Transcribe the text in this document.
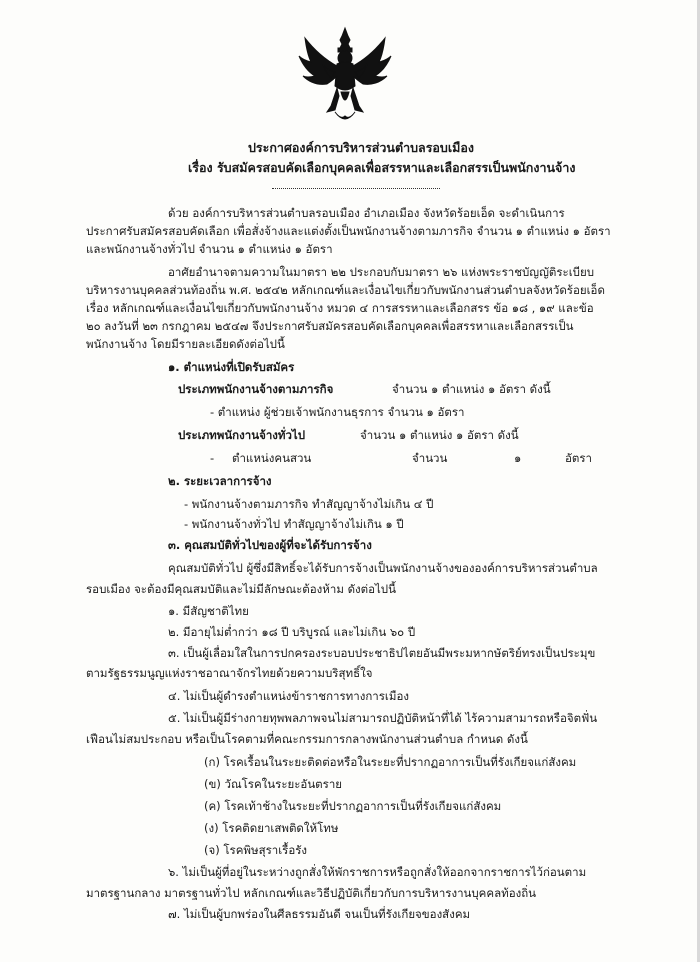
ประกาศองค์การบริหารส่วนตำบลรอบเมือง
เรื่อง รับสมัครสอบคัดเลือกบุคคลเพื่อสรรหาและเลือกสรรเป็นพนักงานจ้าง
ด้วย องค์การบริหารส่วนตำบลรอบเมือง อำเภอเมือง จังหวัดร้อยเอ็ด จะดำเนินการ
ประกาศรับสมัครสอบคัดเลือก เพื่อสั่งจ้างและแต่งตั้งเป็นพนักงานจ้างตามภารกิจ จำนวน ๑ ตำแหน่ง ๑ อัตรา
และพนักงานจ้างทั่วไป จำนวน ๑ ตำแหน่ง ๑ อัตรา
อาศัยอำนาจตามความในมาตรา ๒๒ ประกอบกับมาตรา ๒๖ แห่งพระราชบัญญัติระเบียบ
บริหารงานบุคคลส่วนท้องถิ่น พ.ศ. ๒๕๔๒ หลักเกณฑ์และเงื่อนไขเกี่ยวกับพนักงานส่วนตำบลจังหวัดร้อยเอ็ด
เรื่อง หลักเกณฑ์และเงื่อนไขเกี่ยวกับพนักงานจ้าง หมวด ๔ การสรรหาและเลือกสรร ข้อ ๑๘ , ๑๙ และข้อ
๒๐ ลงวันที่ ๒๓ กรกฎาคม ๒๕๔๗ จึงประกาศรับสมัครสอบคัดเลือกบุคคลเพื่อสรรหาและเลือกสรรเป็น
พนักงานจ้าง โดยมีรายละเอียดดังต่อไปนี้
๑. ตำแหน่งที่เปิดรับสมัคร
ประเภทพนักงานจ้างตามภารกิจ	จำนวน ๑ ตำแหน่ง ๑ อัตรา ดังนี้
- ตำแหน่ง ผู้ช่วยเจ้าพนักงานธุรการ จำนวน ๑ อัตรา
ประเภทพนักงานจ้างทั่วไป	จำนวน ๑ ตำแหน่ง ๑ อัตรา ดังนี้
- ตำแหน่งคนสวน	จำนวน	๑	อัตรา
๒. ระยะเวลาการจ้าง
- พนักงานจ้างตามภารกิจ ทำสัญญาจ้างไม่เกิน ๔ ปี
- พนักงานจ้างทั่วไป ทำสัญญาจ้างไม่เกิน ๑ ปี
๓. คุณสมบัติทั่วไปของผู้ที่จะได้รับการจ้าง
คุณสมบัติทั่วไป ผู้ซึ่งมีสิทธิ์จะได้รับการจ้างเป็นพนักงานจ้างขององค์การบริหารส่วนตำบล
รอบเมือง จะต้องมีคุณสมบัติและไม่มีลักษณะต้องห้าม ดังต่อไปนี้
๑. มีสัญชาติไทย
๒. มีอายุไม่ต่ำกว่า ๑๘ ปี บริบูรณ์ และไม่เกิน ๖๐ ปี
๓. เป็นผู้เลื่อมใสในการปกครองระบอบประชาธิปไตยอันมีพระมหากษัตริย์ทรงเป็นประมุข
ตามรัฐธรรมนูญแห่งราชอาณาจักรไทยด้วยความบริสุทธิ์ใจ
๔. ไม่เป็นผู้ดำรงตำแหน่งข้าราชการทางการเมือง
๕. ไม่เป็นผู้มีร่างกายทุพพลภาพจนไม่สามารถปฏิบัติหน้าที่ได้ ไร้ความสามารถหรือจิตฟั่น
เฟือนไม่สมประกอบ หรือเป็นโรคตามที่คณะกรรมการกลางพนักงานส่วนตำบล กำหนด ดังนี้
(ก) โรคเรื้อนในระยะติดต่อหรือในระยะที่ปรากฏอาการเป็นที่รังเกียจแก่สังคม
(ข) วัณโรคในระยะอันตราย
(ค) โรคเท้าช้างในระยะที่ปรากฏอาการเป็นที่รังเกียจแก่สังคม
(ง) โรคติดยาเสพติดให้โทษ
(จ) โรคพิษสุราเรื้อรัง
๖. ไม่เป็นผู้ที่อยู่ในระหว่างถูกสั่งให้พักราชการหรือถูกสั่งให้ออกจากราชการไว้ก่อนตาม
มาตรฐานกลาง มาตรฐานทั่วไป หลักเกณฑ์และวิธีปฏิบัติเกี่ยวกับการบริหารงานบุคคลท้องถิ่น
๗. ไม่เป็นผู้บกพร่องในศีลธรรมอันดี จนเป็นที่รังเกียจของสังคม
